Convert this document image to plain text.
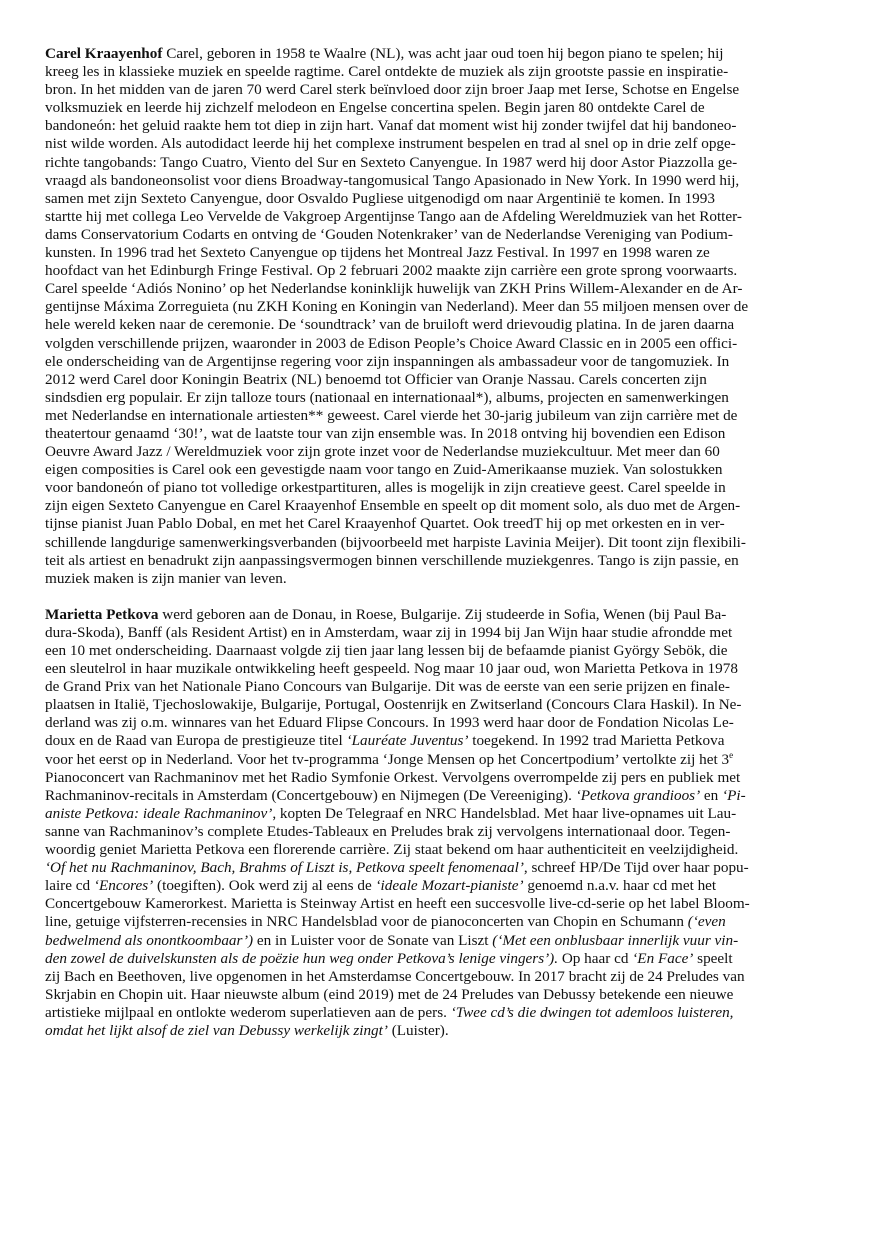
Carel Kraayenhof Carel, geboren in 1958 te Waalre (NL), was acht jaar oud toen hij begon piano te spelen; hij
kreeg les in klassieke muziek en speelde ragtime. Carel ontdekte de muziek als zijn grootste passie en inspiratie-
bron. In het midden van de jaren 70 werd Carel sterk beïnvloed door zijn broer Jaap met Ierse, Schotse en Engelse
volksmuziek en leerde hij zichzelf melodeon en Engelse concertina spelen. Begin jaren 80 ontdekte Carel de
bandoneón: het geluid raakte hem tot diep in zijn hart. Vanaf dat moment wist hij zonder twijfel dat hij bandoneo-
nist wilde worden. Als autodidact leerde hij het complexe instrument bespelen en trad al snel op in drie zelf opge-
richte tangobands: Tango Cuatro, Viento del Sur en Sexteto Canyengue. In 1987 werd hij door Astor Piazzolla ge-
vraagd als bandoneonsolist voor diens Broadway-tangomusical Tango Apasionado in New York. In 1990 werd hij,
samen met zijn Sexteto Canyengue, door Osvaldo Pugliese uitgenodigd om naar Argentinië te komen. In 1993
startte hij met collega Leo Vervelde de Vakgroep Argentijnse Tango aan de Afdeling Wereldmuziek van het Rotter-
dams Conservatorium Codarts en ontving de ‘Gouden Notenkraker’ van de Nederlandse Vereniging van Podium-
kunsten. In 1996 trad het Sexteto Canyengue op tijdens het Montreal Jazz Festival. In 1997 en 1998 waren ze
hoofdact van het Edinburgh Fringe Festival. Op 2 februari 2002 maakte zijn carrière een grote sprong voorwaarts.
Carel speelde ‘Adiós Nonino’ op het Nederlandse koninklijk huwelijk van ZKH Prins Willem-Alexander en de Ar-
gentijnse Máxima Zorreguieta (nu ZKH Koning en Koningin van Nederland). Meer dan 55 miljoen mensen over de
hele wereld keken naar de ceremonie. De ‘soundtrack’ van de bruiloft werd drievoudig platina. In de jaren daarna
volgden verschillende prijzen, waaronder in 2003 de Edison People’s Choice Award Classic en in 2005 een offici-
ele onderscheiding van de Argentijnse regering voor zijn inspanningen als ambassadeur voor de tangomuziek. In
2012 werd Carel door Koningin Beatrix (NL) benoemd tot Officier van Oranje Nassau. Carels concerten zijn
sindsdien erg populair. Er zijn talloze tours (nationaal en internationaal*), albums, projecten en samenwerkingen
met Nederlandse en internationale artiesten** geweest. Carel vierde het 30-jarig jubileum van zijn carrière met de
theatertour genaamd ‘30!’, wat de laatste tour van zijn ensemble was. In 2018 ontving hij bovendien een Edison
Oeuvre Award Jazz / Wereldmuziek voor zijn grote inzet voor de Nederlandse muziekcultuur. Met meer dan 60
eigen composities is Carel ook een gevestigde naam voor tango en Zuid-Amerikaanse muziek. Van solostukken
voor bandoneón of piano tot volledige orkestpartituren, alles is mogelijk in zijn creatieve geest. Carel speelde in
zijn eigen Sexteto Canyengue en Carel Kraayenhof Ensemble en speelt op dit moment solo, als duo met de Argen-
tijnse pianist Juan Pablo Dobal, en met het Carel Kraayenhof Quartet. Ook treedT hij op met orkesten en in ver-
schillende langdurige samenwerkingsverbanden (bijvoorbeeld met harpiste Lavinia Meijer). Dit toont zijn flexibili-
teit als artiest en benadrukt zijn aanpassingsvermogen binnen verschillende muziekgenres. Tango is zijn passie, en
muziek maken is zijn manier van leven.

Marietta Petkova werd geboren aan de Donau, in Roese, Bulgarije. Zij studeerde in Sofia, Wenen (bij Paul Ba-
dura-Skoda), Banff (als Resident Artist) en in Amsterdam, waar zij in 1994 bij Jan Wijn haar studie afrondde met
een 10 met onderscheiding. Daarnaast volgde zij tien jaar lang lessen bij de befaamde pianist György Sebök, die
een sleutelrol in haar muzikale ontwikkeling heeft gespeeld. Nog maar 10 jaar oud, won Marietta Petkova in 1978
de Grand Prix van het Nationale Piano Concours van Bulgarije. Dit was de eerste van een serie prijzen en finale-
plaatsen in Italië, Tjechoslowakije, Bulgarije, Portugal, Oostenrijk en Zwitserland (Concours Clara Haskil). In Ne-
derland was zij o.m. winnares van het Eduard Flipse Concours. In 1993 werd haar door de Fondation Nicolas Le-
doux en de Raad van Europa de prestigieuze titel ‘Lauréate Juventus’ toegekend. In 1992 trad Marietta Petkova
voor het eerst op in Nederland. Voor het tv-programma ‘Jonge Mensen op het Concertpodium’ vertolkte zij het 3e
Pianoconcert van Rachmaninov met het Radio Symfonie Orkest. Vervolgens overrompelde zij pers en publiek met
Rachmaninov-recitals in Amsterdam (Concertgebouw) en Nijmegen (De Vereeniging). ‘Petkova grandioos’ en ‘Pi-
aniste Petkova: ideale Rachmaninov’, kopten De Telegraaf en NRC Handelsblad. Met haar live-opnames uit Lau-
sanne van Rachmaninov’s complete Etudes-Tableaux en Preludes brak zij vervolgens internationaal door. Tegen-
woordig geniet Marietta Petkova een florerende carrière. Zij staat bekend om haar authenticiteit en veelzijdigheid.
‘Of het nu Rachmaninov, Bach, Brahms of Liszt is, Petkova speelt fenomenaal’, schreef HP/De Tijd over haar popu-
laire cd ‘Encores’ (toegiften). Ook werd zij al eens de ‘ideale Mozart-pianiste’ genoemd n.a.v. haar cd met het
Concertgebouw Kamerorkest. Marietta is Steinway Artist en heeft een succesvolle live-cd-serie op het label Bloom-
line, getuige vijfsterren-recensies in NRC Handelsblad voor de pianoconcerten van Chopin en Schumann (‘even
bedwelmend als onontkoombaar’) en in Luister voor de Sonate van Liszt (‘Met een onblusbaar innerlijk vuur vin-
den zowel de duivelskunsten als de poëzie hun weg onder Petkova’s lenige vingers’). Op haar cd ‘En Face’ speelt
zij Bach en Beethoven, live opgenomen in het Amsterdamse Concertgebouw. In 2017 bracht zij de 24 Preludes van
Skrjabin en Chopin uit. Haar nieuwste album (eind 2019) met de 24 Preludes van Debussy betekende een nieuwe
artistieke mijlpaal en ontlokte wederom superlatieven aan de pers. ‘Twee cd’s die dwingen tot ademloos luisteren,
omdat het lijkt alsof de ziel van Debussy werkelijk zingt’ (Luister).
